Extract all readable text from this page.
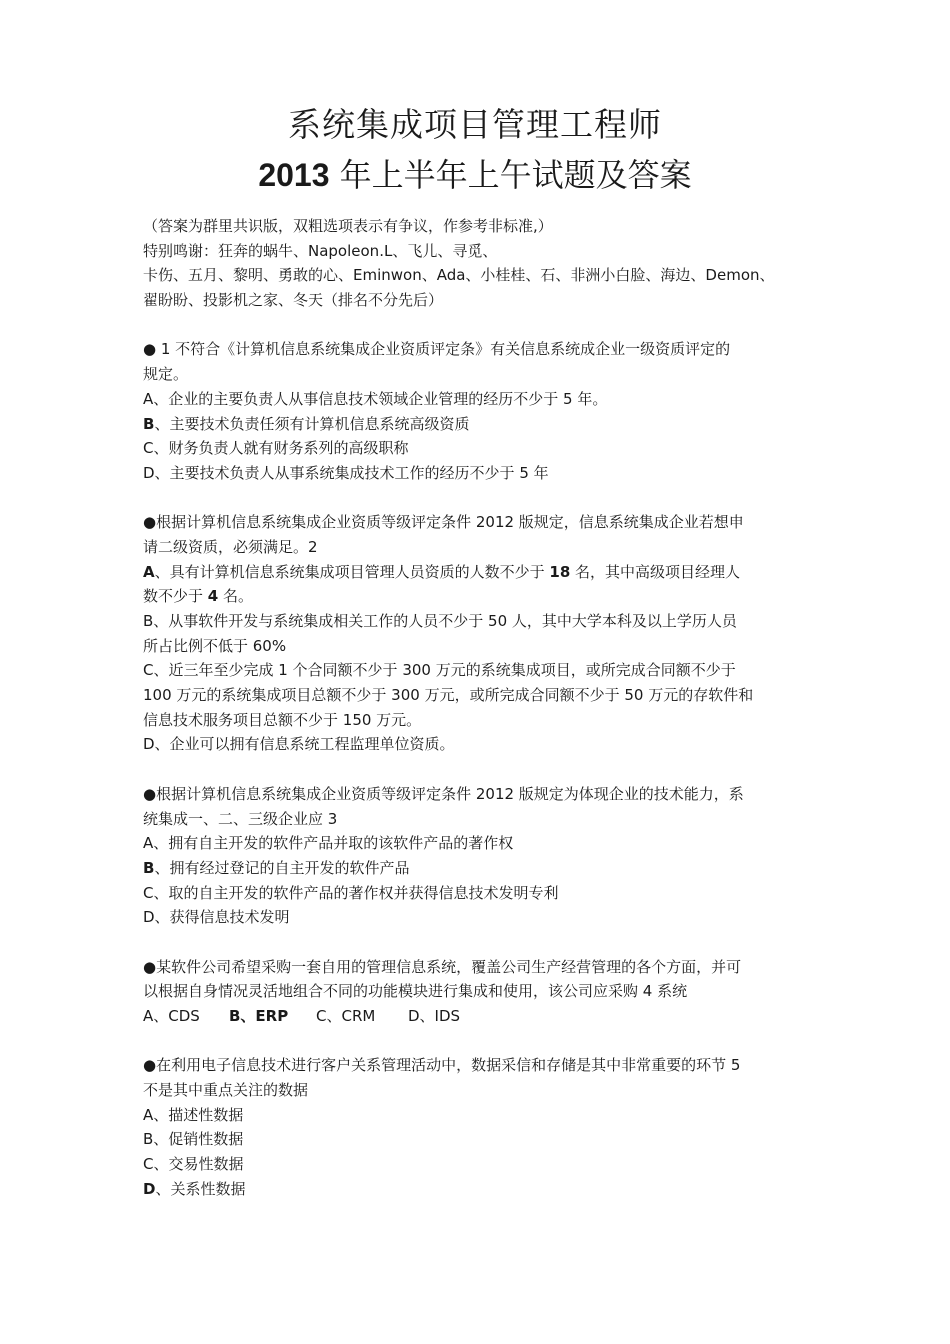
系统集成项目管理工程师
2013 年上半年上午试题及答案
（答案为群里共识版，双粗选项表示有争议，作参考非标准,）
特别鸣谢：狂奔的蜗牛、Napoleon.L、飞儿、寻觅、
卡伤、五月、黎明、勇敢的心、Eminwon、Ada、小桂桂、石、非洲小白脸、海边、Demon、
翟盼盼、投影机之家、冬天（排名不分先后）
● 1 不符合《计算机信息系统集成企业资质评定条》有关信息系统成企业一级资质评定的
规定。
A、企业的主要负责人从事信息技术领域企业管理的经历不少于 5 年。
B、主要技术负责任须有计算机信息系统高级资质
C、财务负责人就有财务系列的高级职称
D、主要技术负责人从事系统集成技术工作的经历不少于 5 年
●根据计算机信息系统集成企业资质等级评定条件 2012 版规定，信息系统集成企业若想申
请二级资质，必须满足。2
A、具有计算机信息系统集成项目管理人员资质的人数不少于 18 名，其中高级项目经理人
数不少于 4 名。
B、从事软件开发与系统集成相关工作的人员不少于 50 人，其中大学本科及以上学历人员
所占比例不低于 60%
C、近三年至少完成 1 个合同额不少于 300 万元的系统集成项目，或所完成合同额不少于
100 万元的系统集成项目总额不少于 300 万元，或所完成合同额不少于 50 万元的存软件和
信息技术服务项目总额不少于 150 万元。
D、企业可以拥有信息系统工程监理单位资质。
●根据计算机信息系统集成企业资质等级评定条件 2012 版规定为体现企业的技术能力，系
统集成一、二、三级企业应 3
A、拥有自主开发的软件产品并取的该软件产品的著作权
B、拥有经过登记的自主开发的软件产品
C、取的自主开发的软件产品的著作权并获得信息技术发明专利
D、获得信息技术发明
●某软件公司希望采购一套自用的管理信息系统，覆盖公司生产经营管理的各个方面，并可
以根据自身情况灵活地组合不同的功能模块进行集成和使用，该公司应采购 4 系统
A、CDS B、ERP C、CRM D、IDS
●在利用电子信息技术进行客户关系管理活动中，数据采信和存储是其中非常重要的环节 5
不是其中重点关注的数据
A、描述性数据
B、促销性数据
C、交易性数据
D、关系性数据
